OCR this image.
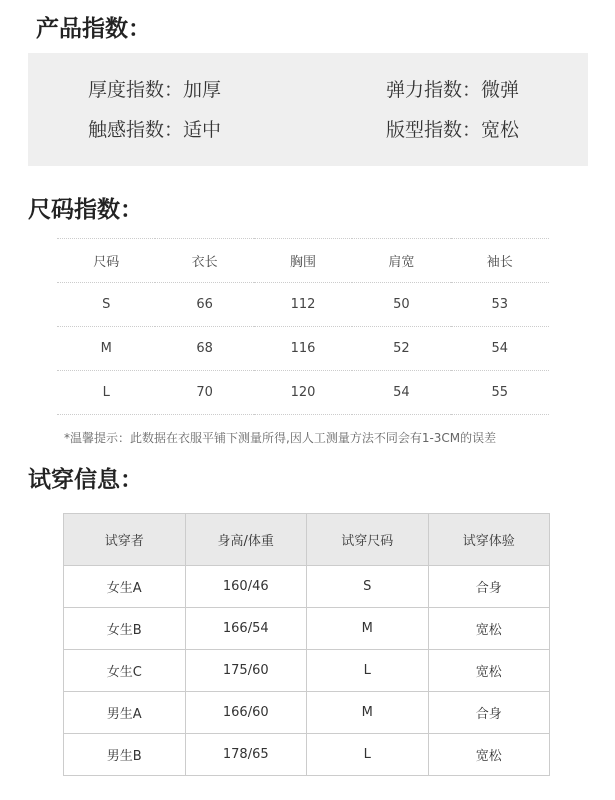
产品指数：
厚度指数：加厚	弹力指数：微弹
触感指数：适中	版型指数：宽松
尺码指数：
尺码	衣长	胸围	肩宽	袖长
S	66	112	50	53
M	68	116	52	54
L	70	120	54	55
*温馨提示：此数据在衣服平铺下测量所得,因人工测量方法不同会有1-3CM的误差
试穿信息：
试穿者	身高/体重	试穿尺码	试穿体验
女生A	160/46	S	合身
女生B	166/54	M	宽松
女生C	175/60	L	宽松
男生A	166/60	M	合身
男生B	178/65	L	宽松
